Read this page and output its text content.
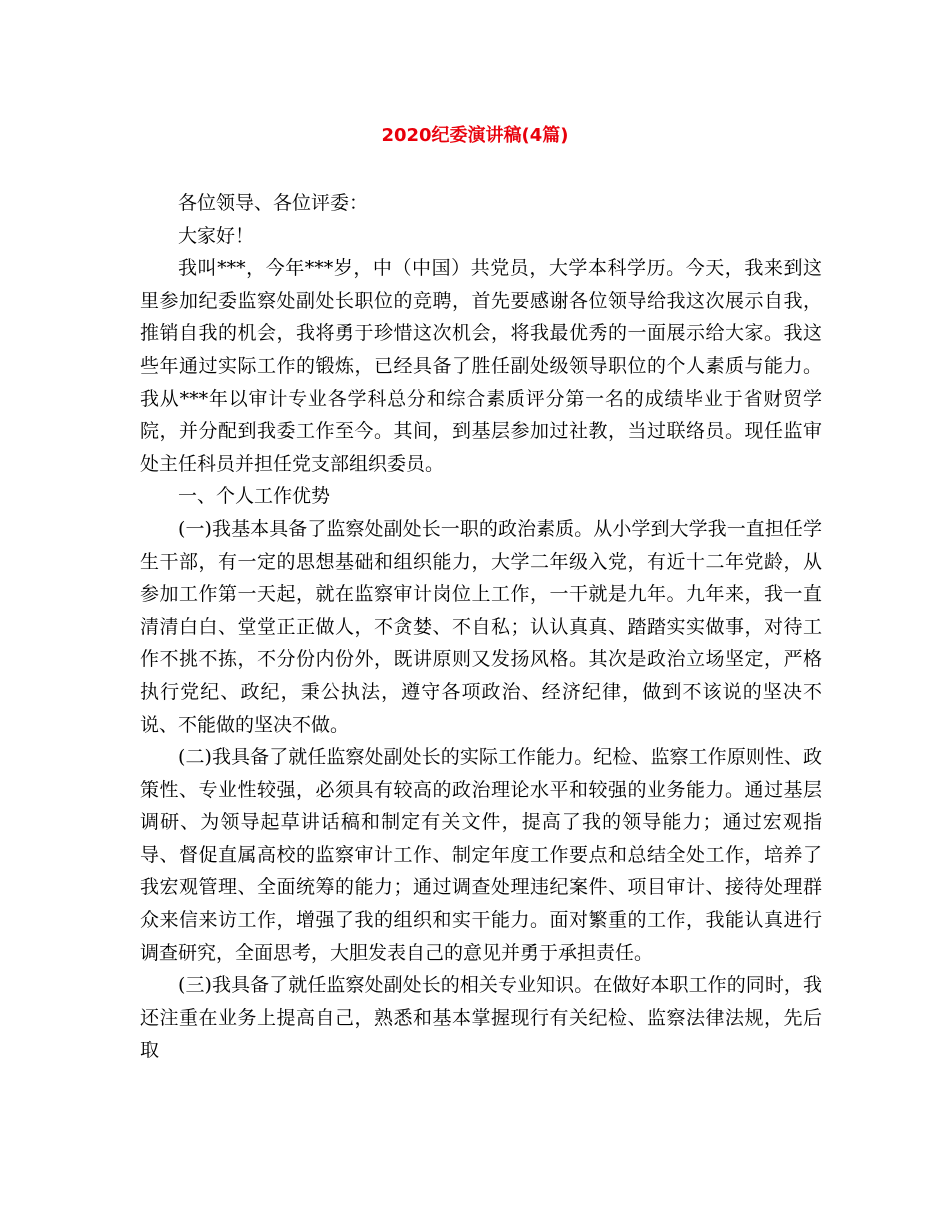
2020纪委演讲稿(4篇)

各位领导、各位评委：

大家好！

我叫***，今年***岁，中（中国）共党员，大学本科学历。今天，我来到这里参加纪委监察处副处长职位的竞聘，首先要感谢各位领导给我这次展示自我，推销自我的机会，我将勇于珍惜这次机会，将我最优秀的一面展示给大家。我这些年通过实际工作的锻炼，已经具备了胜任副处级领导职位的个人素质与能力。我从***年以审计专业各学科总分和综合素质评分第一名的成绩毕业于省财贸学院，并分配到我委工作至今。其间，到基层参加过社教，当过联络员。现任监审处主任科员并担任党支部组织委员。

一、个人工作优势

(一)我基本具备了监察处副处长一职的政治素质。从小学到大学我一直担任学生干部，有一定的思想基础和组织能力，大学二年级入党，有近十二年党龄，从参加工作第一天起，就在监察审计岗位上工作，一干就是九年。九年来，我一直清清白白、堂堂正正做人，不贪婪、不自私；认认真真、踏踏实实做事，对待工作不挑不拣，不分份内份外，既讲原则又发扬风格。其次是政治立场坚定，严格执行党纪、政纪，秉公执法，遵守各项政治、经济纪律，做到不该说的坚决不说、不能做的坚决不做。

(二)我具备了就任监察处副处长的实际工作能力。纪检、监察工作原则性、政策性、专业性较强，必须具有较高的政治理论水平和较强的业务能力。通过基层调研、为领导起草讲话稿和制定有关文件，提高了我的领导能力；通过宏观指导、督促直属高校的监察审计工作、制定年度工作要点和总结全处工作，培养了我宏观管理、全面统筹的能力；通过调查处理违纪案件、项目审计、接待处理群众来信来访工作，增强了我的组织和实干能力。面对繁重的工作，我能认真进行调查研究，全面思考，大胆发表自己的意见并勇于承担责任。

(三)我具备了就任监察处副处长的相关专业知识。在做好本职工作的同时，我还注重在业务上提高自己，熟悉和基本掌握现行有关纪检、监察法律法规，先后取
